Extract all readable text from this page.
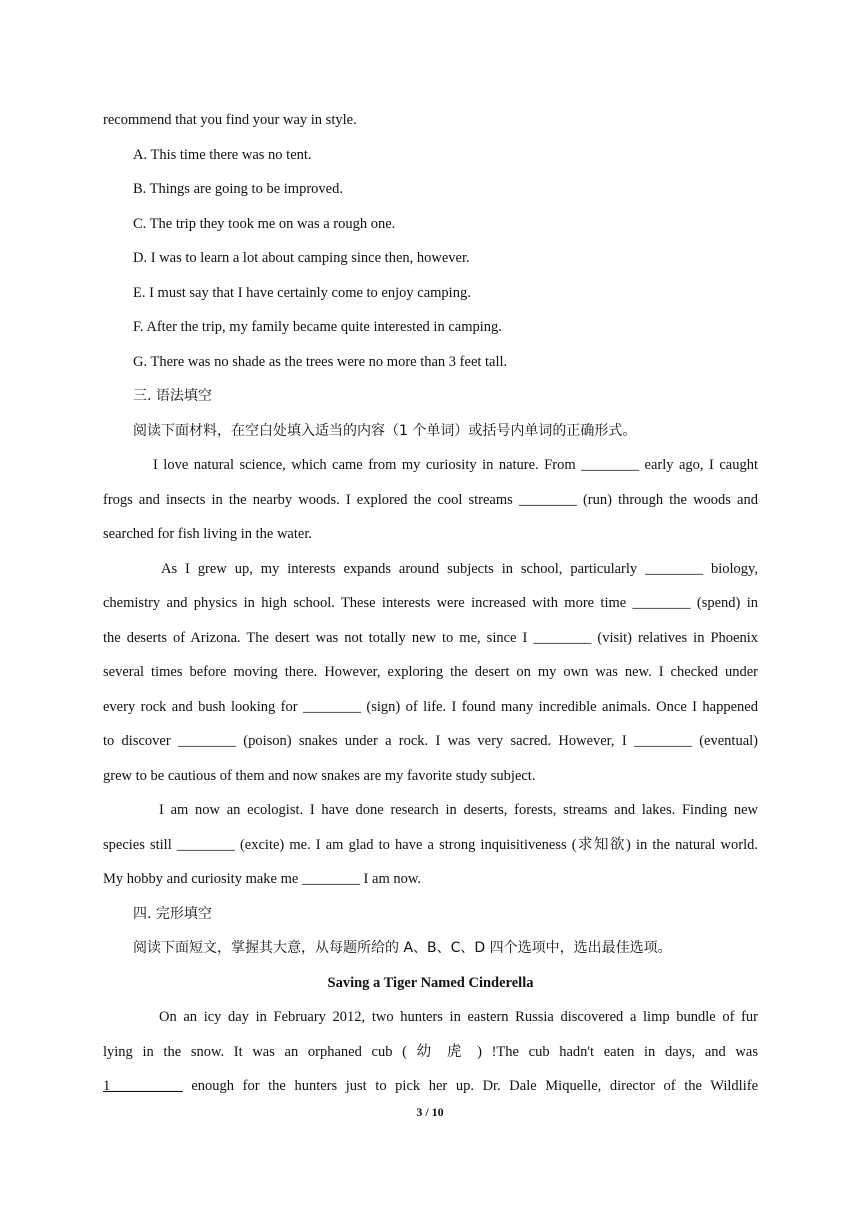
recommend that you find your way in style.

A. This time there was no tent.

B. Things are going to be improved.

C. The trip they took me on was a rough one.

D. I was to learn a lot about camping since then, however.

E. I must say that I have certainly come to enjoy camping.

F. After the trip, my family became quite interested in camping.

G. There was no shade as the trees were no more than 3 feet tall.

三. 语法填空

阅读下面材料，在空白处填入适当的内容（1 个单词）或括号内单词的正确形式。

I love natural science, which came from my curiosity in nature. From ________ early ago, I caught

frogs and insects in the nearby woods. I explored the cool streams ________ (run) through the woods and

searched for fish living in the water.

As I grew up, my interests expands around subjects in school, particularly ________ biology,

chemistry and physics in high school. These interests were increased with more time ________ (spend) in

the deserts of Arizona. The desert was not totally new to me, since I ________ (visit) relatives in Phoenix

several times before moving there. However, exploring the desert on my own was new. I checked under

every rock and bush looking for ________ (sign) of life. I found many incredible animals. Once I happened

to discover ________ (poison) snakes under a rock. I was very sacred. However, I ________ (eventual)

grew to be cautious of them and now snakes are my favorite study subject.

I am now an ecologist. I have done research in deserts, forests, streams and lakes. Finding new

species still ________ (excite) me. I am glad to have a strong inquisitiveness (求知欲) in the natural world.

My hobby and curiosity make me ________ I am now.

四. 完形填空

阅读下面短文，掌握其大意，从每题所给的 A、B、C、D 四个选项中，选出最佳选项。

Saving a Tiger Named Cinderella

On an icy day in February 2012, two hunters in eastern Russia discovered a limp bundle of fur

lying in the snow. It was an orphaned cub ( 幼 虎 ) !The cub hadn't eaten in days, and was

1__________ enough for the hunters just to pick her up. Dr. Dale Miquelle, director of the Wildlife

3 / 10
